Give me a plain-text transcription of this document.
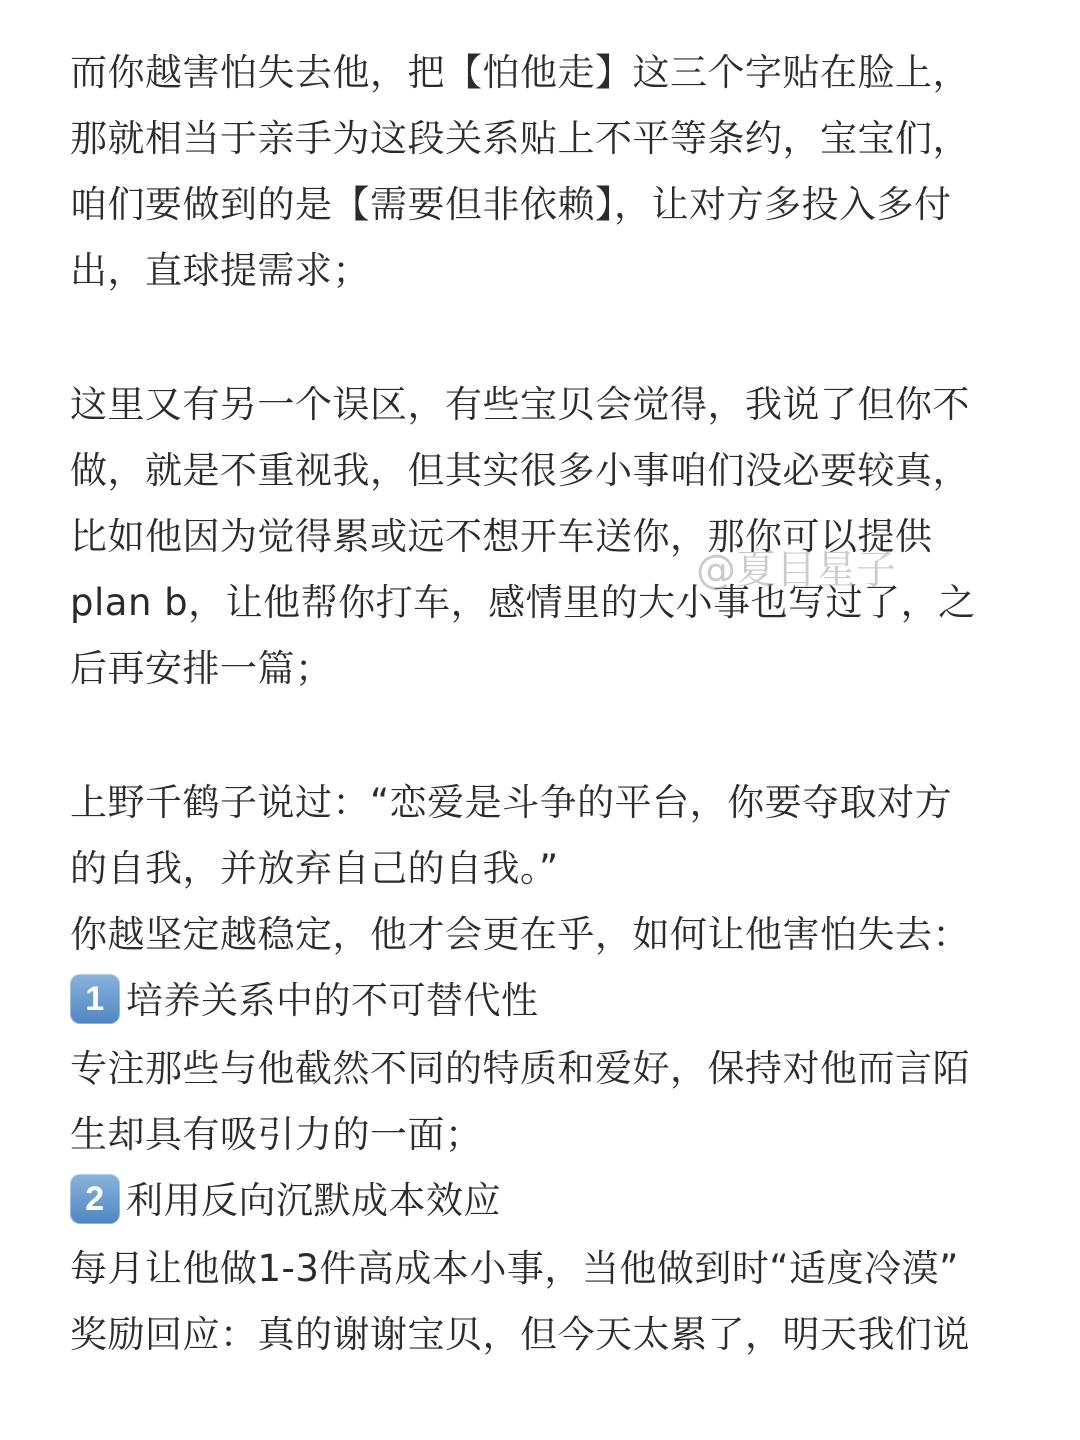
而你越害怕失去他，把【怕他走】这三个字贴在脸上，
那就相当于亲手为这段关系贴上不平等条约，宝宝们，
咱们要做到的是【需要但非依赖】，让对方多投入多付
出，直球提需求；
这里又有另一个误区，有些宝贝会觉得，我说了但你不
做，就是不重视我，但其实很多小事咱们没必要较真，
比如他因为觉得累或远不想开车送你，那你可以提供
plan b，让他帮你打车，感情里的大小事也写过了，之
后再安排一篇；
上野千鹤子说过：“恋爱是斗争的平台，你要夺取对方
的自我，并放弃自己的自我。”
你越坚定越稳定，他才会更在乎，如何让他害怕失去：
1 培养关系中的不可替代性
专注那些与他截然不同的特质和爱好，保持对他而言陌
生却具有吸引力的一面；
2 利用反向沉默成本效应
每月让他做1-3件高成本小事，当他做到时“适度冷漠”
奖励回应：真的谢谢宝贝，但今天太累了，明天我们说
@夏目星子
